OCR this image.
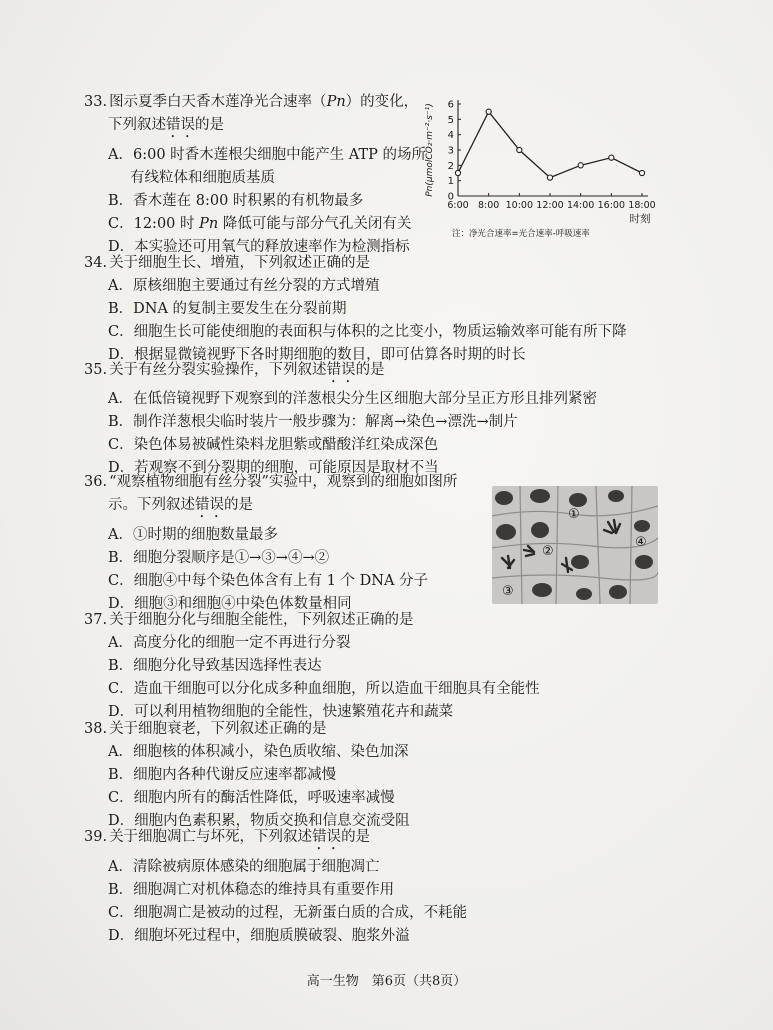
33. 图示夏季白天香木莲净光合速率（Pn）的变化，
下列叙述错误的是
A．6:00 时香木莲根尖细胞中能产生 ATP 的场所
有线粒体和细胞质基质
B．香木莲在 8:00 时积累的有机物最多
C．12:00 时 Pn 降低可能与部分气孔关闭有关
D．本实验还可用氧气的释放速率作为检测指标
0
1
2
3
4
5
6
6:00 8:00 10:00 12:00 14:00 16:00 18:00
Pn(μmolCO₂·m⁻²·s⁻¹)
时刻
注：净光合速率=光合速率-呼吸速率
34. 关于细胞生长、增殖，下列叙述正确的是
A．原核细胞主要通过有丝分裂的方式增殖
B．DNA 的复制主要发生在分裂前期
C．细胞生长可能使细胞的表面积与体积的之比变小，物质运输效率可能有所下降
D．根据显微镜视野下各时期细胞的数目，即可估算各时期的时长
35. 关于有丝分裂实验操作，下列叙述错误的是
A．在低倍镜视野下观察到的洋葱根尖分生区细胞大部分呈正方形且排列紧密
B．制作洋葱根尖临时装片一般步骤为：解离→染色→漂洗→制片
C．染色体易被碱性染料龙胆紫或醋酸洋红染成深色
D．若观察不到分裂期的细胞，可能原因是取材不当
36. “观察植物细胞有丝分裂”实验中，观察到的细胞如图所
示。下列叙述错误的是
A．①时期的细胞数量最多
B．细胞分裂顺序是①→③→④→②
C．细胞④中每个染色体含有上有 1 个 DNA 分子
D．细胞③和细胞④中染色体数量相同
①
②
③
④
37. 关于细胞分化与细胞全能性，下列叙述正确的是
A．高度分化的细胞一定不再进行分裂
B．细胞分化导致基因选择性表达
C．造血干细胞可以分化成多种血细胞，所以造血干细胞具有全能性
D．可以利用植物细胞的全能性，快速繁殖花卉和蔬菜
38. 关于细胞衰老，下列叙述正确的是
A．细胞核的体积减小，染色质收缩、染色加深
B．细胞内各种代谢反应速率都减慢
C．细胞内所有的酶活性降低，呼吸速率减慢
D．细胞内色素积累，物质交换和信息交流受阻
39. 关于细胞凋亡与坏死，下列叙述错误的是
A．清除被病原体感染的细胞属于细胞凋亡
B．细胞凋亡对机体稳态的维持具有重要作用
C．细胞凋亡是被动的过程，无新蛋白质的合成，不耗能
D．细胞坏死过程中，细胞质膜破裂、胞浆外溢
高一生物　第6页（共8页）
